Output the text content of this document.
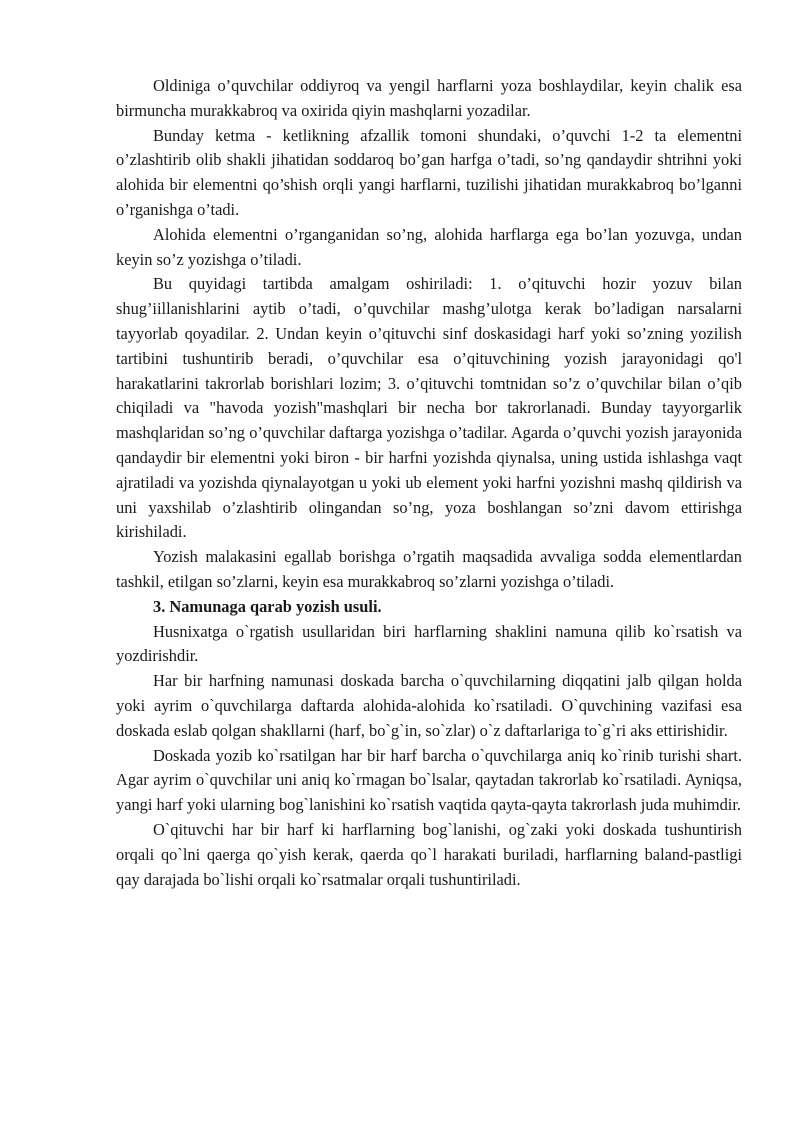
Oldiniga o’quvchilar oddiyroq va yengil harflarni yoza boshlaydilar, keyin chalik esa birmuncha murakkabroq va oxirida qiyin mashqlarni yozadilar.

Bunday ketma - ketlikning afzallik tomoni shundaki, o’quvchi 1-2 ta elementni o’zlashtirib olib shakli jihatidan soddaroq bo’gan harfga o’tadi, so’ng qandaydir shtrihni yoki alohida bir elementni qo’shish orqli yangi harflarni, tuzilishi jihatidan murakkabroq bo’lganni o’rganishga o’tadi.

Alohida elementni o’rganganidan so’ng, alohida harflarga ega bo’lan yozuvga, undan keyin so’z yozishga o’tiladi.

Bu quyidagi tartibda amalgam oshiriladi: 1. o’qituvchi hozir yozuv bilan shug’iillanishlarini aytib o’tadi, o’quvchilar mashg’ulotga kerak bo’ladigan narsalarni tayyorlab qoyadilar. 2. Undan keyin o’qituvchi sinf doskasidagi harf yoki so’zning yozilish tartibini tushuntirib beradi, o’quvchilar esa o’qituvchining yozish jarayonidagi qo'l harakatlarini takrorlab borishlari lozim; 3. o’qituvchi tomtnidan so’z o’quvchilar bilan o’qib chiqiladi va "havoda yozish"mashqlari bir necha bor takrorlanadi. Bunday tayyorgarlik mashqlaridan so’ng o’quvchilar daftarga yozishga o’tadilar. Agarda o’quvchi yozish jarayonida qandaydir bir elementni yoki biron - bir harfni yozishda qiynalsa, uning ustida ishlashga vaqt ajratiladi va yozishda qiynalayotgan u yoki ub element yoki harfni yozishni mashq qildirish va uni yaxshilab o’zlashtirib olingandan so’ng, yoza boshlangan so’zni davom ettirishga kirishiladi.

Yozish malakasini egallab borishga o’rgatih maqsadida avvaliga sodda elementlardan tashkil, etilgan so’zlarni, keyin esa murakkabroq so’zlarni yozishga o’tiladi.

3. Namunaga qarab yozish usuli.

Husnixatga o`rgatish usullaridan biri harflarning shaklini namuna qilib ko`rsatish va yozdirishdir.

Har bir harfning namunasi doskada barcha o`quvchilarning diqqatini jalb qilgan holda yoki ayrim o`quvchilarga daftarda alohida-alohida ko`rsatiladi. O`quvchining vazifasi esa doskada eslab qolgan shakllarni (harf, bo`g`in, so`zlar) o`z daftarlariga to`g`ri aks ettirishidir.

Doskada yozib ko`rsatilgan har bir harf barcha o`quvchilarga aniq ko`rinib turishi shart. Agar ayrim o`quvchilar uni aniq ko`rmagan bo`lsalar, qaytadan takrorlab ko`rsatiladi. Ayniqsa, yangi harf yoki ularning bog`lanishini ko`rsatish vaqtida qayta-qayta takrorlash juda muhimdir.

O`qituvchi har bir harf ki harflarning bog`lanishi, og`zaki yoki doskada tushuntirish orqali qo`lni qaerga qo`yish kerak, qaerda qo`l harakati buriladi, harflarning baland-pastligi qay darajada bo`lishi orqali ko`rsatmalar orqali tushuntiriladi.
